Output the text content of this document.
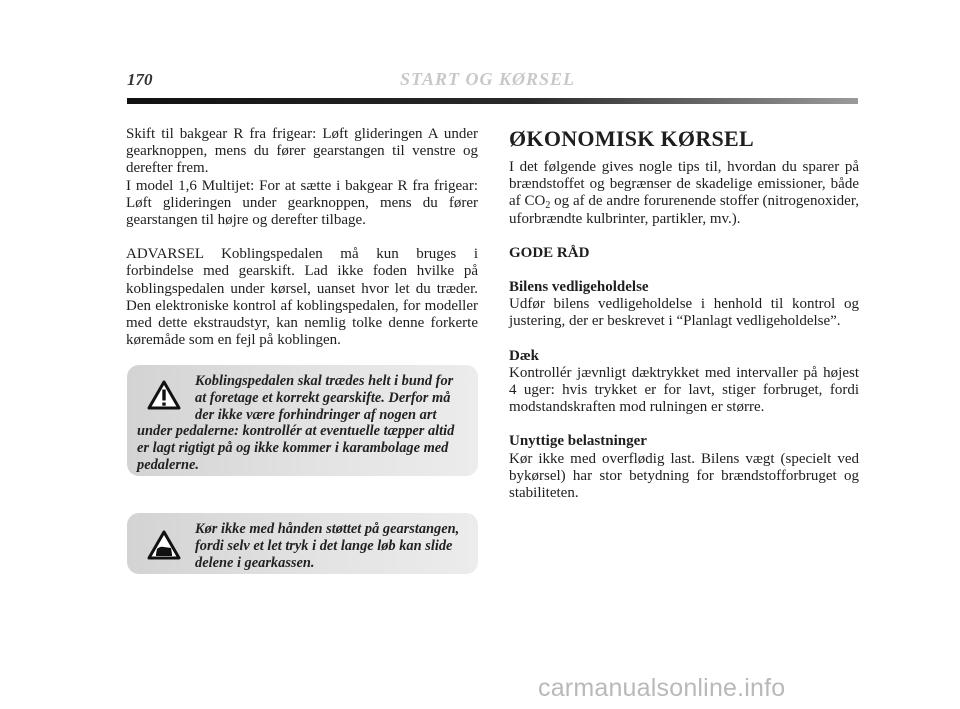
170	START OG KØRSEL

Skift til bakgear R fra frigear: Løft glideringen A under gearknoppen, mens du fører gearstangen til venstre og derefter frem.

I model 1,6 Multijet: For at sætte i bakgear R fra frigear: Løft glideringen under gearknoppen, mens du fører gearstangen til højre og derefter tilbage.

ADVARSEL Koblingspedalen må kun bruges i forbindelse med gearskift. Lad ikke foden hvilke på koblingspedalen under kørsel, uanset hvor let du træder. Den elektroniske kontrol af koblingspedalen, for modeller med dette ekstraudstyr, kan nemlig tolke denne forkerte køremåde som en fejl på koblingen.

Koblingspedalen skal trædes helt i bund for at foretage et korrekt gearskifte. Derfor må der ikke være forhindringer af nogen art under pedalerne: kontrollér at eventuelle tæpper altid er lagt rigtigt på og ikke kommer i karambolage med pedalerne.

Kør ikke med hånden støttet på gearstangen, fordi selv et let tryk i det lange løb kan slide delene i gearkassen.

ØKONOMISK KØRSEL

I det følgende gives nogle tips til, hvordan du sparer på brændstoffet og begrænser de skadelige emissioner, både af $CO_2$ og af de andre forurenende stoffer (nitrogenoxider, uforbrændte kulbrinter, partikler, mv.).

GODE RÅD

Bilens vedligeholdelse

Udfør bilens vedligeholdelse i henhold til kontrol og justering, der er beskrevet i “Planlagt vedligeholdelse”.

Dæk

Kontrollér jævnligt dæktrykket med intervaller på højest 4 uger: hvis trykket er for lavt, stiger forbruget, fordi modstandskraften mod rulningen er større.

Unyttige belastninger

Kør ikke med overflødig last. Bilens vægt (specielt ved bykørsel) har stor betydning for brændstofforbruget og stabiliteten.

carmanualsonline.info
